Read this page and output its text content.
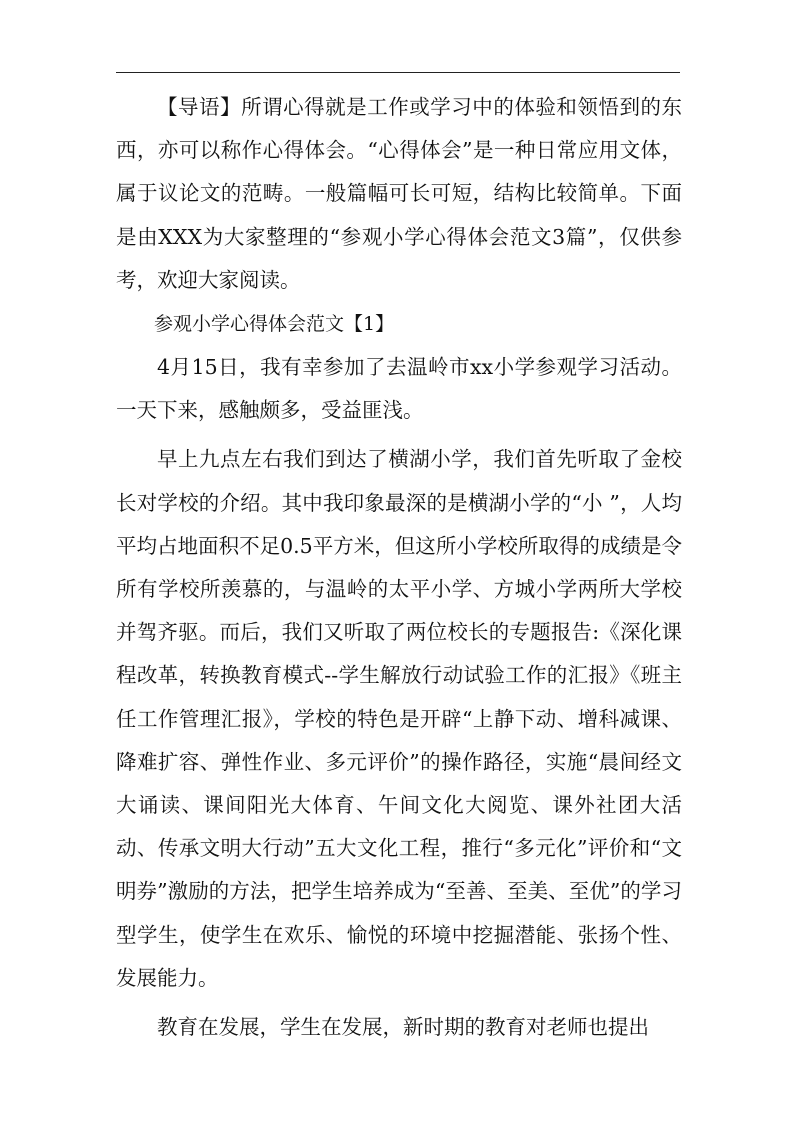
【导语】所谓心得就是工作或学习中的体验和领悟到的东西，亦可以称作心得体会。“心得体会”是一种日常应用文体，属于议论文的范畴。一般篇幅可长可短，结构比较简单。下面是由XXX为大家整理的“参观小学心得体会范文3篇”，仅供参考，欢迎大家阅读。

参观小学心得体会范文【1】

4月15日，我有幸参加了去温岭市xx小学参观学习活动。一天下来，感触颇多，受益匪浅。

早上九点左右我们到达了横湖小学，我们首先听取了金校长对学校的介绍。其中我印象最深的是横湖小学的“小 ”，人均平均占地面积不足0.5平方米，但这所小学校所取得的成绩是令所有学校所羡慕的，与温岭的太平小学、方城小学两所大学校并驾齐驱。而后，我们又听取了两位校长的专题报告:《深化课程改革，转换教育模式--学生解放行动试验工作的汇报》《班主任工作管理汇报》，学校的特色是开辟“上静下动、增科减课、降难扩容、弹性作业、多元评价”的操作路径，实施“晨间经文大诵读、课间阳光大体育、午间文化大阅览、课外社团大活动、传承文明大行动”五大文化工程，推行“多元化”评价和“文明券”激励的方法，把学生培养成为“至善、至美、至优”的学习型学生，使学生在欢乐、愉悦的环境中挖掘潜能、张扬个性、发展能力。

教育在发展，学生在发展，新时期的教育对老师也提出
